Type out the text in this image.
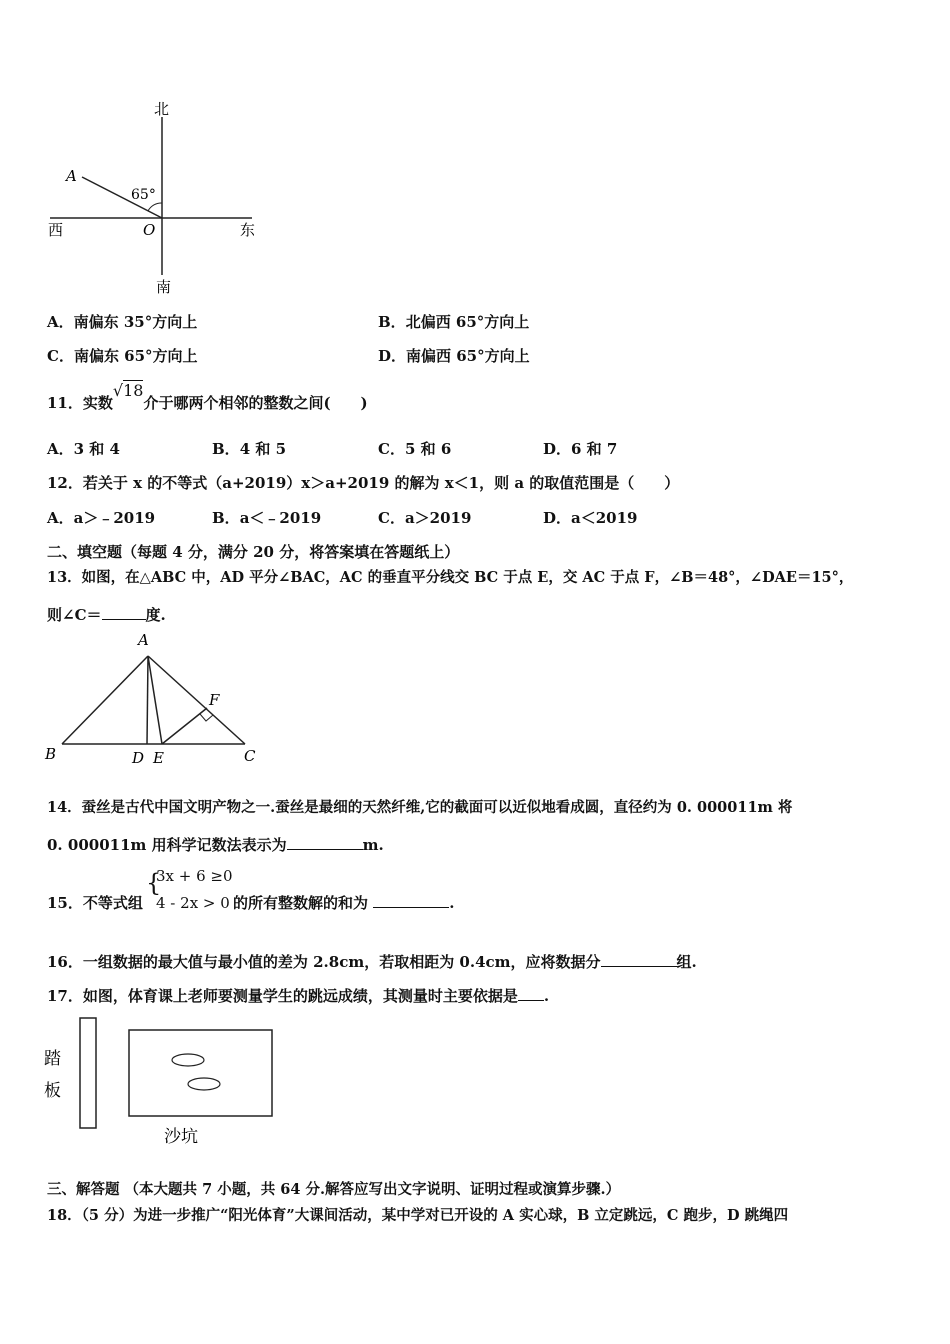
北
南
西	东
A
O
65°
A．南偏东 35°方向上	B．北偏西 65°方向上
C．南偏东 65°方向上	D．南偏西 65°方向上
11．实数√18介于哪两个相邻的整数之间(　　)
A．3 和 4	B．4 和 5	C．5 和 6	D．6 和 7
12．若关于 x 的不等式（a+2019）x＞a+2019 的解为 x＜1，则 a 的取值范围是（　　）
A．a＞﹣2019	B．a＜﹣2019	C．a＞2019	D．a＜2019
二、填空题（每题 4 分，满分 20 分，将答案填在答题纸上）
13．如图，在△ABC 中，AD 平分∠BAC，AC 的垂直平分线交 BC 于点 E，交 AC 于点 F，∠B＝48°，∠DAE＝15°，
则∠C＝	度.
A
B	C
D E
F
14．蚕丝是古代中国文明产物之一.蚕丝是最细的天然纤维,它的截面可以近似地看成圆，直径约为 0. 000011m 将
0. 000011m 用科学记数法表示为	m.
15．不等式组
{
3x + 6 ≥0
4 - 2x > 0 的所有整数解的和为	.
16．一组数据的最大值与最小值的差为 2.8cm，若取相距为 0.4cm，应将数据分	组.
17．如图，体育课上老师要测量学生的跳远成绩，其测量时主要依据是 .
踏
板
沙坑
三、解答题 （本大题共 7 小题，共 64 分.解答应写出文字说明、证明过程或演算步骤.）
18．（5 分）为进一步推广“阳光体育”大课间活动，某中学对已开设的 A 实心球，B 立定跳远，C 跑步，D 跳绳四
